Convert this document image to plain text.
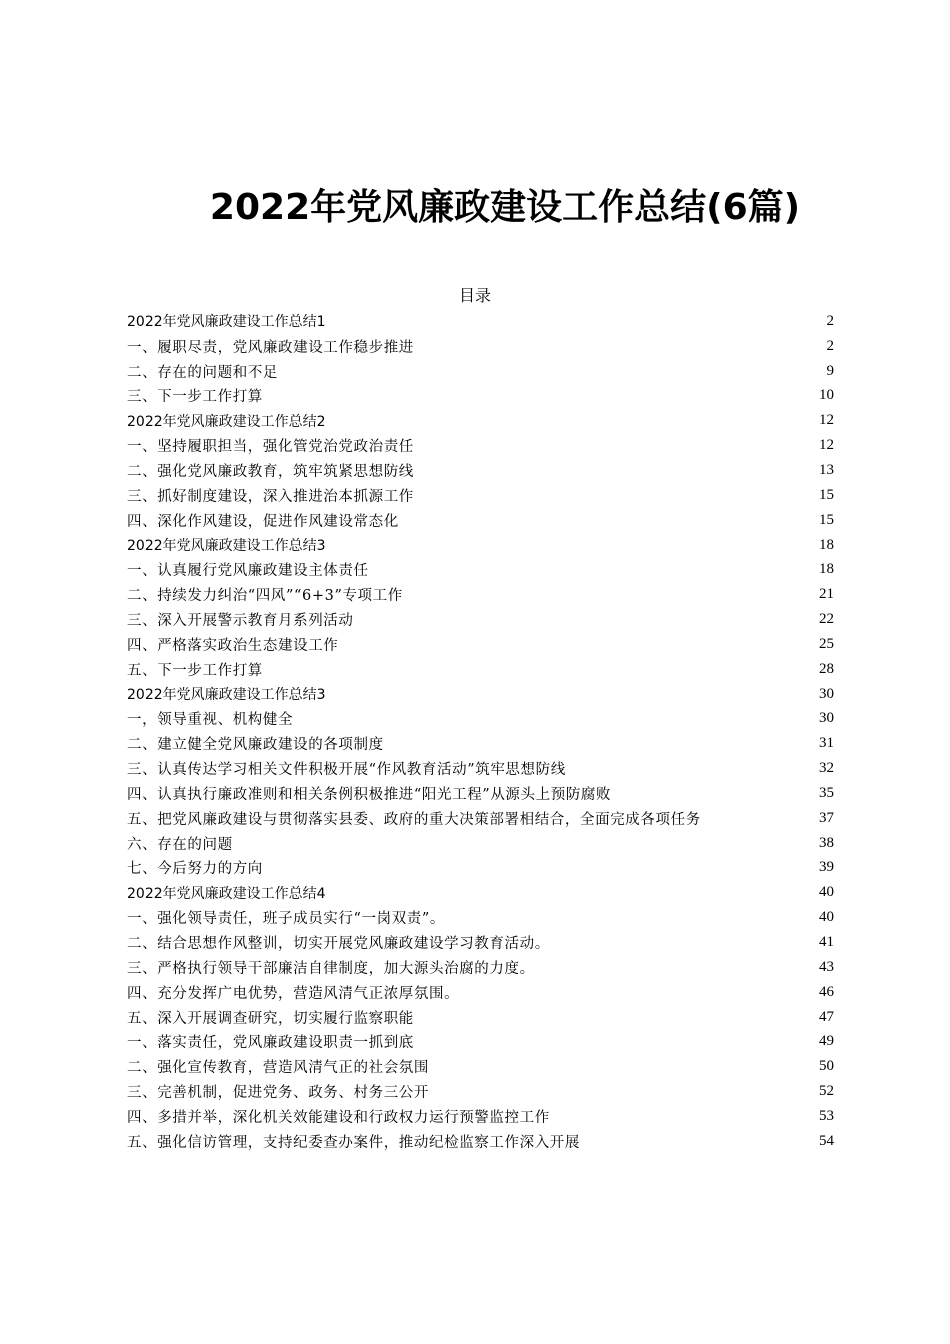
2022年党风廉政建设工作总结(6篇)
目录
2022年党风廉政建设工作总结1	2
一、履职尽责，党风廉政建设工作稳步推进	2
二、存在的问题和不足	9
三、下一步工作打算	10
2022年党风廉政建设工作总结2	12
一、坚持履职担当，强化管党治党政治责任	12
二、强化党风廉政教育，筑牢筑紧思想防线	13
三、抓好制度建设，深入推进治本抓源工作	15
四、深化作风建设，促进作风建设常态化	15
2022年党风廉政建设工作总结3	18
一、认真履行党风廉政建设主体责任	18
二、持续发力纠治“四风”“6+3”专项工作	21
三、深入开展警示教育月系列活动	22
四、严格落实政治生态建设工作	25
五、下一步工作打算	28
2022年党风廉政建设工作总结3	30
一，领导重视、机构健全	30
二、建立健全党风廉政建设的各项制度	31
三、认真传达学习相关文件积极开展“作风教育活动”筑牢思想防线	32
四、认真执行廉政准则和相关条例积极推进“阳光工程”从源头上预防腐败	35
五、把党风廉政建设与贯彻落实县委、政府的重大决策部署相结合，全面完成各项任务	37
六、存在的问题	38
七、今后努力的方向	39
2022年党风廉政建设工作总结4	40
一、强化领导责任，班子成员实行“一岗双责”。	40
二、结合思想作风整训，切实开展党风廉政建设学习教育活动。	41
三、严格执行领导干部廉洁自律制度，加大源头治腐的力度。	43
四、充分发挥广电优势，营造风清气正浓厚氛围。	46
五、深入开展调查研究，切实履行监察职能	47
一、落实责任，党风廉政建设职责一抓到底	49
二、强化宣传教育，营造风清气正的社会氛围	50
三、完善机制，促进党务、政务、村务三公开	52
四、多措并举，深化机关效能建设和行政权力运行预警监控工作	53
五、强化信访管理，支持纪委查办案件，推动纪检监察工作深入开展	54
